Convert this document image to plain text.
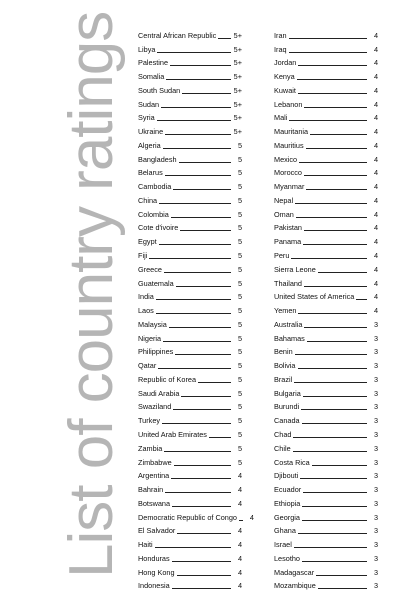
List of country ratings	Central African Republic 5+
Libya	5+
Palestine	5+
Somalia	5+
South Sudan	5+
Sudan	5+
Syria	5+
Ukraine	5+
Algeria	5
Bangladesh	5
Belarus	5
Cambodia	5
China	5
Colombia	5
Cote d'ivoire	5
Egypt	5
Fiji	5
Greece	5
Guatemala	5
India	5
Laos	5
Malaysia	5
Nigeria	5
Philippines	5
Qatar	5
Republic of Korea	5
Saudi Arabia	5
Swaziland	5
Turkey	5
United Arab Emirates	5
Zambia	5
Zimbabwe	5
Argentina	4
Bahrain	4
Botswana	4
Democratic Republic of Congo	4
El Salvador	4
Haiti	4
Honduras	4
Hong Kong	4
Indonesia	4
Iran	4
Iraq	4
Jordan	4
Kenya	4
Kuwait	4
Lebanon	4
Mali	4
Mauritania	4
Mauritius	4
Mexico	4
Morocco	4
Myanmar	4
Nepal	4
Oman	4
Pakistan	4
Panama	4
Peru	4
Sierra Leone	4
Thailand	4
United States of America	4
Yemen	4
Australia	3
Bahamas	3
Benin	3
Bolivia	3
Brazil	3
Bulgaria	3
Burundi	3
Canada	3
Chad	3
Chile	3
Costa Rica	3
Djibouti	3
Ecuador	3
Ethiopia	3
Georgia	3
Ghana	3
Israel	3
Lesotho	3
Madagascar	3
Mozambique	3
